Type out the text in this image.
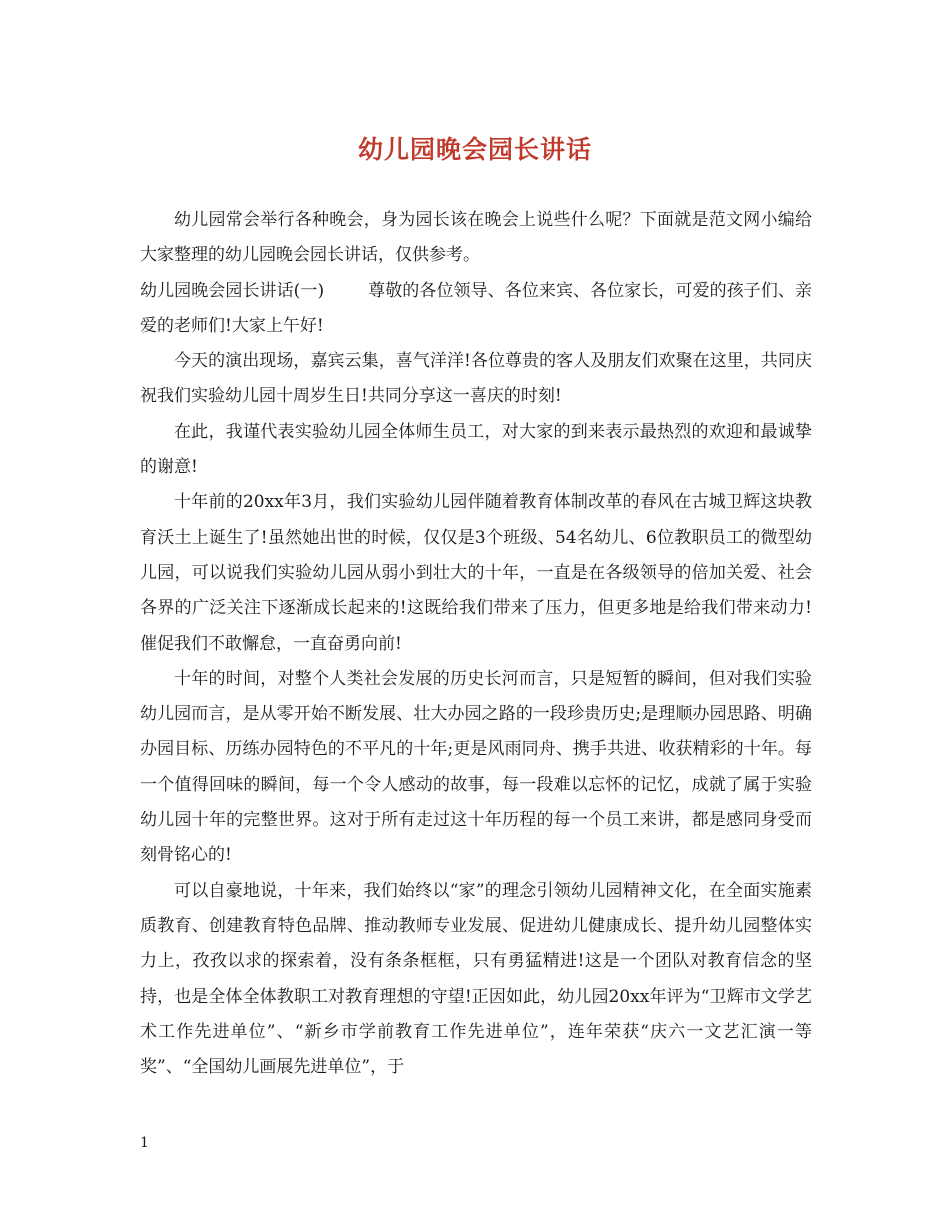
幼儿园晚会园长讲话

幼儿园常会举行各种晚会，身为园长该在晚会上说些什么呢？下面就是范文网小编给大家整理的幼儿园晚会园长讲话，仅供参考。

幼儿园晚会园长讲话(一)	尊敬的各位领导、各位来宾、各位家长，可爱的孩子们、亲爱的老师们!大家上午好!

今天的演出现场，嘉宾云集，喜气洋洋!各位尊贵的客人及朋友们欢聚在这里，共同庆祝我们实验幼儿园十周岁生日!共同分享这一喜庆的时刻!

在此，我谨代表实验幼儿园全体师生员工，对大家的到来表示最热烈的欢迎和最诚挚的谢意!

十年前的20xx年3月，我们实验幼儿园伴随着教育体制改革的春风在古城卫辉这块教育沃土上诞生了!虽然她出世的时候，仅仅是3个班级、54名幼儿、6位教职员工的微型幼儿园，可以说我们实验幼儿园从弱小到壮大的十年，一直是在各级领导的倍加关爱、社会各界的广泛关注下逐渐成长起来的!这既给我们带来了压力，但更多地是给我们带来动力!催促我们不敢懈怠，一直奋勇向前!

十年的时间，对整个人类社会发展的历史长河而言，只是短暂的瞬间，但对我们实验幼儿园而言，是从零开始不断发展、壮大办园之路的一段珍贵历史;是理顺办园思路、明确办园目标、历练办园特色的不平凡的十年;更是风雨同舟、携手共进、收获精彩的十年。每一个值得回味的瞬间，每一个令人感动的故事，每一段难以忘怀的记忆，成就了属于实验幼儿园十年的完整世界。这对于所有走过这十年历程的每一个员工来讲，都是感同身受而刻骨铭心的!

可以自豪地说，十年来，我们始终以“家”的理念引领幼儿园精神文化，在全面实施素质教育、创建教育特色品牌、推动教师专业发展、促进幼儿健康成长、提升幼儿园整体实力上，孜孜以求的探索着，没有条条框框，只有勇猛精进!这是一个团队对教育信念的坚持，也是全体全体教职工对教育理想的守望!正因如此，幼儿园20xx年评为“卫辉市文学艺术工作先进单位”、“新乡市学前教育工作先进单位”，连年荣获“庆六一文艺汇演一等奖”、“全国幼儿画展先进单位”，于

1
